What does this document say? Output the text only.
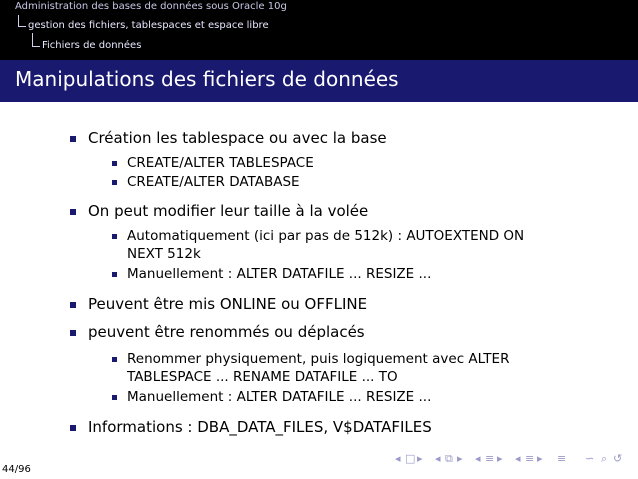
Administration des bases de données sous Oracle 10g
gestion des fichiers, tablespaces et espace libre
Fichiers de données
Manipulations des fichiers de données
Création les tablespace ou avec la base
CREATE/ALTER TABLESPACE
CREATE/ALTER DATABASE
On peut modifier leur taille à la volée
Automatiquement (ici par pas de 512k) : AUTOEXTEND ON
NEXT 512k
Manuellement : ALTER DATAFILE ... RESIZE ...
Peuvent être mis ONLINE ou OFFLINE
peuvent être renommés ou déplacés
Renommer physiquement, puis logiquement avec ALTER
TABLESPACE ... RENAME DATAFILE ... TO
Manuellement : ALTER DATAFILE ... RESIZE ...
Informations : DBA_DATA_FILES, V$DATAFILES
44/96
◂ □ ▸ ◂ ⧉ ▸ ◂ ≡ ▸ ◂ ≡ ▸ ≡ ∽ ⌕ ↺
